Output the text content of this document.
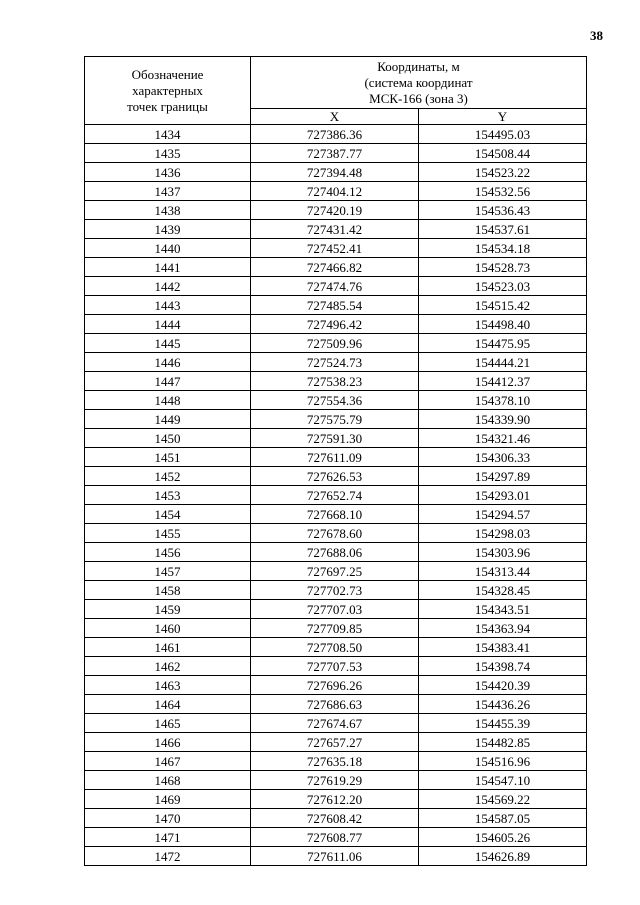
38
Обозначение
характерных
точек границы	Координаты, м
(система координат
МСК-166 (зона 3)	
	X	Y
1434	727386.36	154495.03
1435	727387.77	154508.44
1436	727394.48	154523.22
1437	727404.12	154532.56
1438	727420.19	154536.43
1439	727431.42	154537.61
1440	727452.41	154534.18
1441	727466.82	154528.73
1442	727474.76	154523.03
1443	727485.54	154515.42
1444	727496.42	154498.40
1445	727509.96	154475.95
1446	727524.73	154444.21
1447	727538.23	154412.37
1448	727554.36	154378.10
1449	727575.79	154339.90
1450	727591.30	154321.46
1451	727611.09	154306.33
1452	727626.53	154297.89
1453	727652.74	154293.01
1454	727668.10	154294.57
1455	727678.60	154298.03
1456	727688.06	154303.96
1457	727697.25	154313.44
1458	727702.73	154328.45
1459	727707.03	154343.51
1460	727709.85	154363.94
1461	727708.50	154383.41
1462	727707.53	154398.74
1463	727696.26	154420.39
1464	727686.63	154436.26
1465	727674.67	154455.39
1466	727657.27	154482.85
1467	727635.18	154516.96
1468	727619.29	154547.10
1469	727612.20	154569.22
1470	727608.42	154587.05
1471	727608.77	154605.26
1472	727611.06	154626.89
